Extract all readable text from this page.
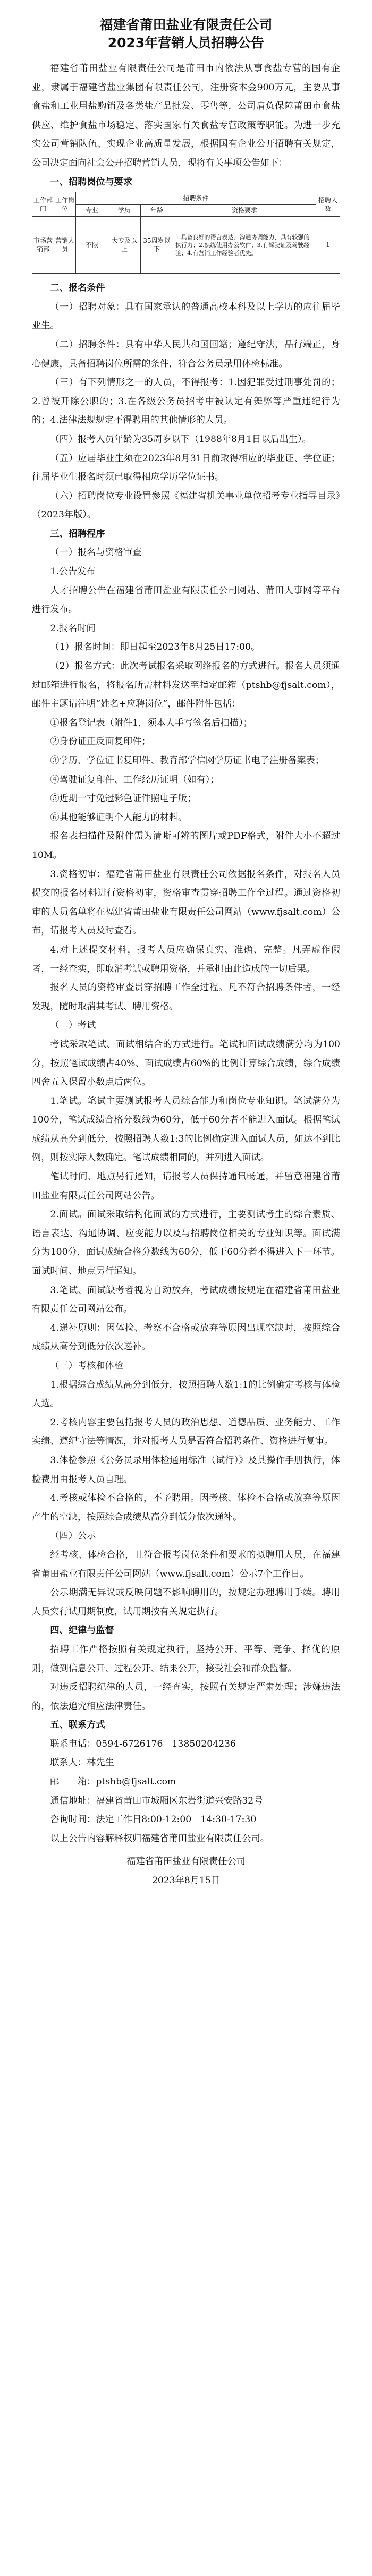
福建省莆田盐业有限责任公司
2023年营销人员招聘公告

福建省莆田盐业有限责任公司是莆田市内依法从事食盐专营的国有企业，隶属于福建省盐业集团有限责任公司，注册资本金900万元，主要从事食盐和工业用盐购销及各类盐产品批发、零售等，公司肩负保障莆田市食盐供应、维护食盐市场稳定、落实国家有关食盐专营政策等职能。为进一步充实公司营销队伍、实现企业高质量发展，根据国有企业公开招聘有关规定，公司决定面向社会公开招聘营销人员，现将有关事项公告如下：

一、招聘岗位与要求

工作部门	工作岗位	招聘条件				招聘人数
		专业	学历	年龄	资格要求	
市场营销部	营销人员	不限	大专及以上	35周岁以下	1.具备良好的语言表达、沟通协调能力，具有较强的执行力；2.熟练使用办公软件；3.有驾驶证及驾驶经验；4.有营销工作经验者优先。	1

二、报名条件

（一）招聘对象：具有国家承认的普通高校本科及以上学历的应往届毕业生。

（二）招聘条件：具有中华人民共和国国籍；遵纪守法，品行端正，身心健康，具备招聘岗位所需的条件，符合公务员录用体检标准。

（三）有下列情形之一的人员，不得报考：1.因犯罪受过刑事处罚的；2.曾被开除公职的；3.在各级公务员招考中被认定有舞弊等严重违纪行为的；4.法律法规规定不得聘用的其他情形的人员。

（四）报考人员年龄为35周岁以下（1988年8月1日以后出生）。

（五）应届毕业生须在2023年8月31日前取得相应的毕业证、学位证；往届毕业生报名时须已取得相应学历学位证书。

（六）招聘岗位专业设置参照《福建省机关事业单位招考专业指导目录》（2023年版）。

三、招聘程序

（一）报名与资格审查

1.公告发布

人才招聘公告在福建省莆田盐业有限责任公司网站、莆田人事网等平台进行发布。

2.报名时间

（1）报名时间：即日起至2023年8月25日17:00。

（2）报名方式：此次考试报名采取网络报名的方式进行。报名人员须通过邮箱进行报名，将报名所需材料发送至指定邮箱（ptshb@fjsalt.com），邮件主题请注明“姓名+应聘岗位”，邮件附件包括：

①报名登记表（附件1，须本人手写签名后扫描）；

②身份证正反面复印件；

③学历、学位证书复印件、教育部学信网学历证书电子注册备案表；

④驾驶证复印件、工作经历证明（如有）；

⑤近期一寸免冠彩色证件照电子版；

⑥其他能够证明个人能力的材料。

报名表扫描件及附件需为清晰可辨的图片或PDF格式，附件大小不超过10M。

3.资格初审：福建省莆田盐业有限责任公司依据报名条件，对报名人员提交的报名材料进行资格初审，资格审查贯穿招聘工作全过程。通过资格初审的人员名单将在福建省莆田盐业有限责任公司网站（www.fjsalt.com）公布，请报考人员及时查看。

4.对上述提交材料，报考人员应确保真实、准确、完整。凡弄虚作假者，一经查实，即取消考试或聘用资格，并承担由此造成的一切后果。

报名人员的资格审查贯穿招聘工作全过程。凡不符合招聘条件者，一经发现，随时取消其考试、聘用资格。

（二）考试

考试采取笔试、面试相结合的方式进行。笔试和面试成绩满分均为100分，按照笔试成绩占40%、面试成绩占60%的比例计算综合成绩，综合成绩四舍五入保留小数点后两位。

1.笔试。笔试主要测试报考人员综合能力和岗位专业知识。笔试满分为100分，笔试成绩合格分数线为60分，低于60分者不能进入面试。根据笔试成绩从高分到低分，按照招聘人数1:3的比例确定进入面试人员，如达不到比例，则按实际人数确定。笔试成绩相同的，并列进入面试。

笔试时间、地点另行通知，请报考人员保持通讯畅通，并留意福建省莆田盐业有限责任公司网站公告。

2.面试。面试采取结构化面试的方式进行，主要测试考生的综合素质、语言表达、沟通协调、应变能力以及与招聘岗位相关的专业知识等。面试满分为100分，面试成绩合格分数线为60分，低于60分者不得进入下一环节。面试时间、地点另行通知。

3.笔试、面试缺考者视为自动放弃，考试成绩按规定在福建省莆田盐业有限责任公司网站公布。

4.递补原则：因体检、考察不合格或放弃等原因出现空缺时，按照综合成绩从高分到低分依次递补。

（三）考核和体检

1.根据综合成绩从高分到低分，按照招聘人数1:1的比例确定考核与体检人选。

2.考核内容主要包括报考人员的政治思想、道德品质、业务能力、工作实绩、遵纪守法等情况，并对报考人员是否符合招聘条件、资格进行复审。

3.体检参照《公务员录用体检通用标准（试行）》及其操作手册执行，体检费用由报考人员自理。

4.考核或体检不合格的，不予聘用。因考核、体检不合格或放弃等原因产生的空缺，按照综合成绩从高分到低分依次递补。

（四）公示

经考核、体检合格，且符合报考岗位条件和要求的拟聘用人员，在福建省莆田盐业有限责任公司网站（www.fjsalt.com）公示7个工作日。

公示期满无异议或反映问题不影响聘用的，按规定办理聘用手续。聘用人员实行试用期制度，试用期按有关规定执行。

四、纪律与监督

招聘工作严格按照有关规定执行，坚持公开、平等、竞争、择优的原则，做到信息公开、过程公开、结果公开，接受社会和群众监督。

对违反招聘纪律的人员，一经查实，按照有关规定严肃处理；涉嫌违法的，依法追究相应法律责任。

五、联系方式

联系电话：0594-6726176　13850204236

联系人：林先生

邮　　箱：ptshb@fjsalt.com

通信地址：福建省莆田市城厢区东岩街道兴安路32号

咨询时间：法定工作日8:00-12:00　14:30-17:30

以上公告内容解释权归福建省莆田盐业有限责任公司。

福建省莆田盐业有限责任公司

2023年8月15日
